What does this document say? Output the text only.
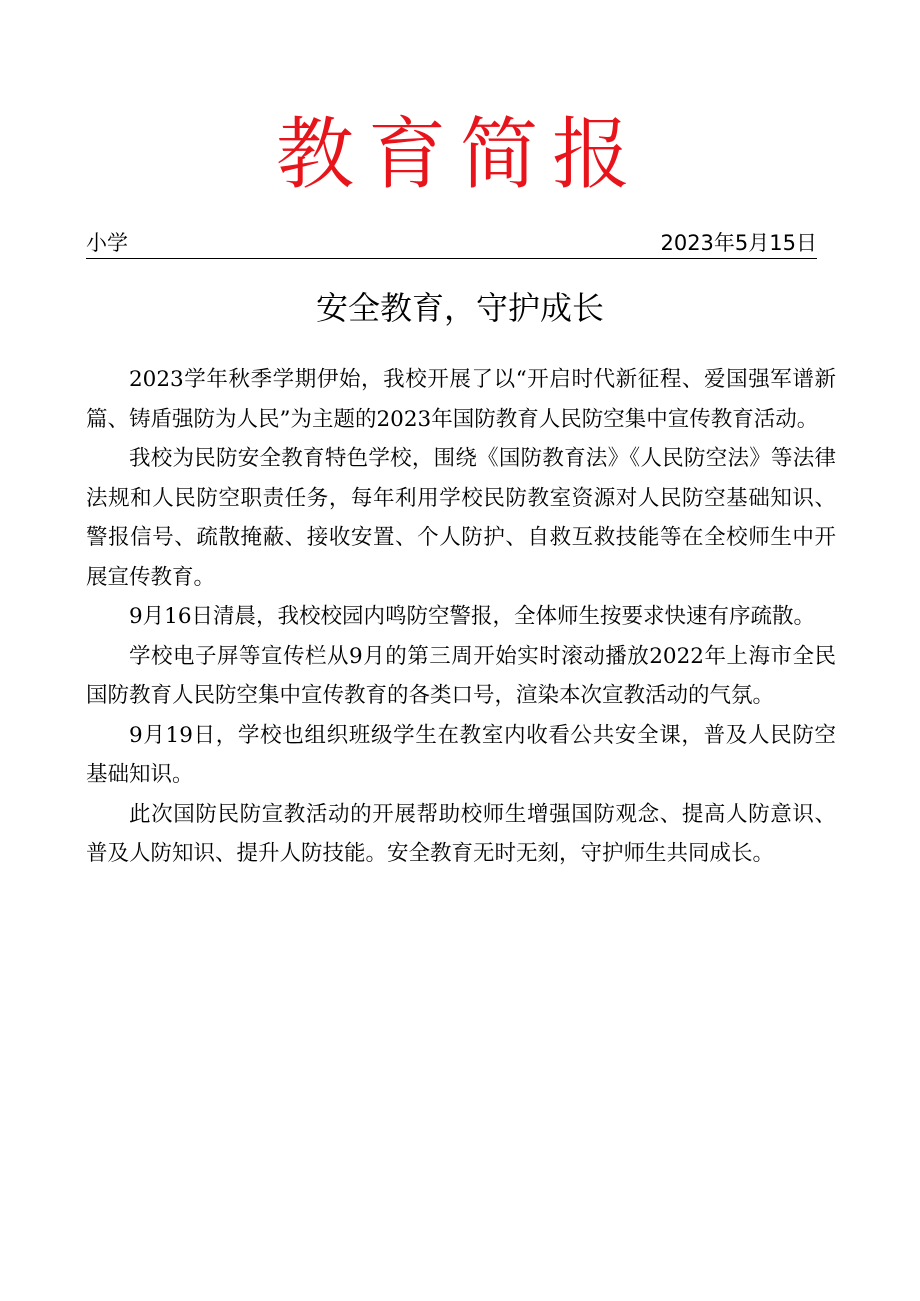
教育简报
小学	2023年5月15日
安全教育，守护成长

2023学年秋季学期伊始，我校开展了以“开启时代新征程、爱国强军谱新篇、铸盾强防为人民”为主题的2023年国防教育人民防空集中宣传教育活动。

我校为民防安全教育特色学校，围绕《国防教育法》《人民防空法》等法律法规和人民防空职责任务，每年利用学校民防教室资源对人民防空基础知识、警报信号、疏散掩蔽、接收安置、个人防护、自救互救技能等在全校师生中开展宣传教育。

9月16日清晨，我校校园内鸣防空警报，全体师生按要求快速有序疏散。

学校电子屏等宣传栏从9月的第三周开始实时滚动播放2022年上海市全民国防教育人民防空集中宣传教育的各类口号，渲染本次宣教活动的气氛。

9月19日，学校也组织班级学生在教室内收看公共安全课，普及人民防空基础知识。

此次国防民防宣教活动的开展帮助校师生增强国防观念、提高人防意识、普及人防知识、提升人防技能。安全教育无时无刻，守护师生共同成长。
